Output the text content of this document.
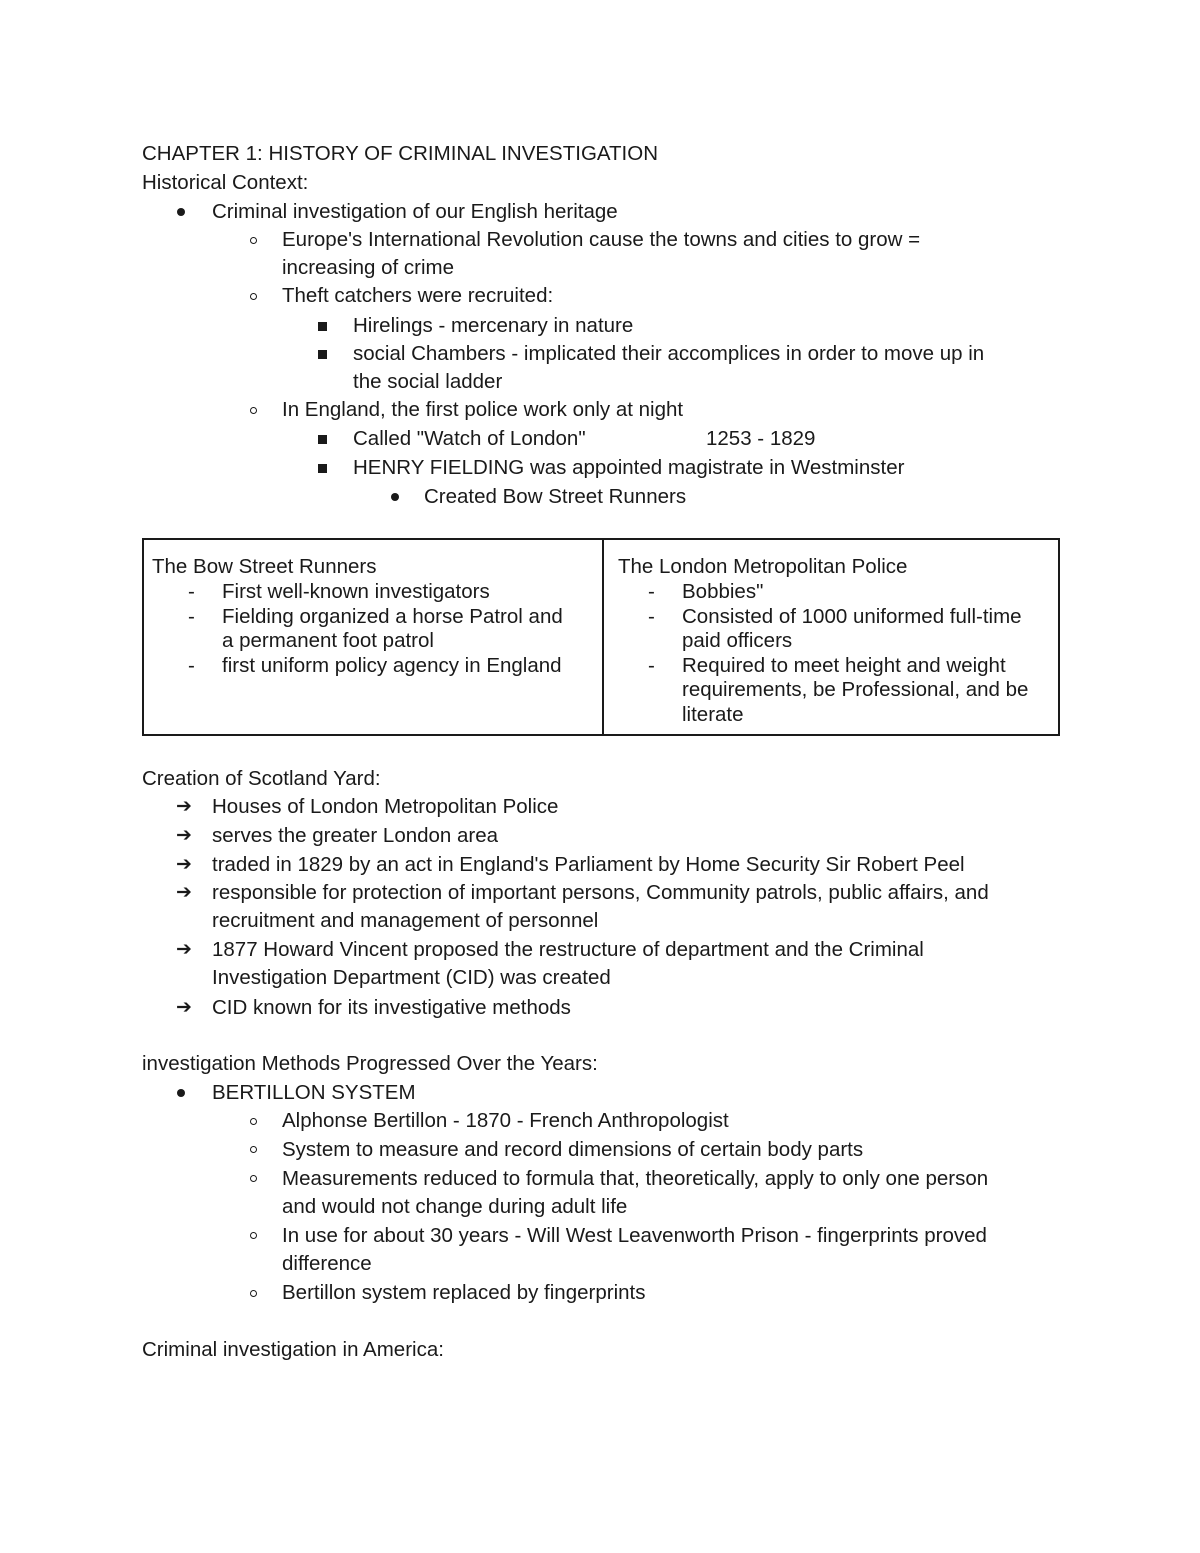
CHAPTER 1: HISTORY OF CRIMINAL INVESTIGATION
Historical Context:
Criminal investigation of our English heritage
Europe's International Revolution cause the towns and cities to grow =
increasing of crime
Theft catchers were recruited:
Hirelings - mercenary in nature
social Chambers - implicated their accomplices in order to move up in
the social ladder
In England, the first police work only at night
Called "Watch of London"	1253 - 1829
HENRY FIELDING was appointed magistrate in Westminster
Created Bow Street Runners
The Bow Street Runners
- First well-known investigators
- Fielding organized a horse Patrol and
a permanent foot patrol
- first uniform policy agency in England
The London Metropolitan Police
- Bobbies"
- Consisted of 1000 uniformed full-time
paid officers
- Required to meet height and weight
requirements, be Professional, and be
literate
Creation of Scotland Yard:
➔ Houses of London Metropolitan Police
➔ serves the greater London area
➔ traded in 1829 by an act in England's Parliament by Home Security Sir Robert Peel
➔ responsible for protection of important persons, Community patrols, public affairs, and
recruitment and management of personnel
➔ 1877 Howard Vincent proposed the restructure of department and the Criminal
Investigation Department (CID) was created
➔ CID known for its investigative methods
investigation Methods Progressed Over the Years:
BERTILLON SYSTEM
Alphonse Bertillon - 1870 - French Anthropologist
System to measure and record dimensions of certain body parts
Measurements reduced to formula that, theoretically, apply to only one person
and would not change during adult life
In use for about 30 years - Will West Leavenworth Prison - fingerprints proved
difference
Bertillon system replaced by fingerprints
Criminal investigation in America:
